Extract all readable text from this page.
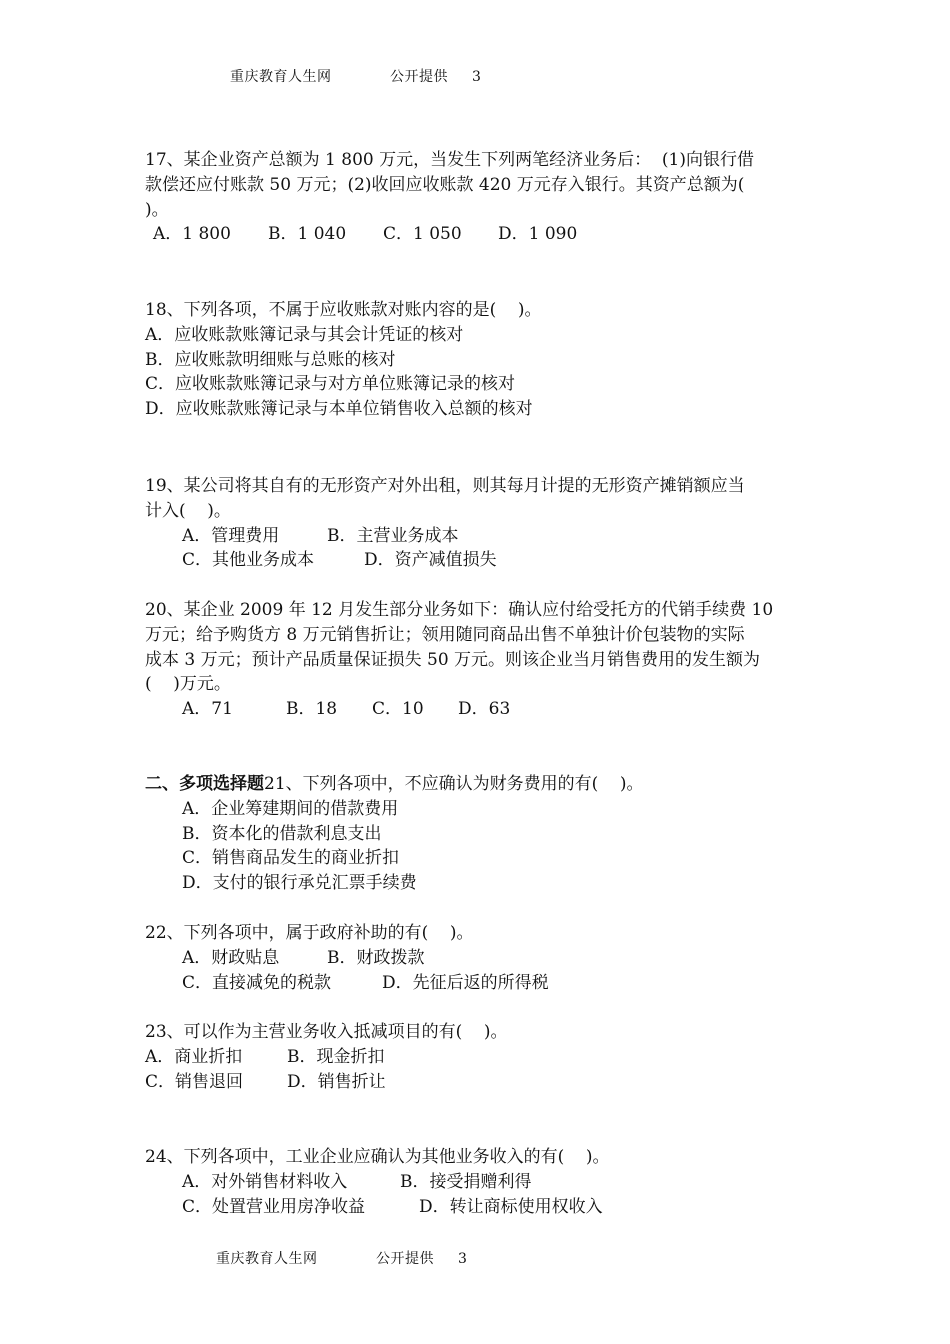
重庆教育人生网	公开提供 3
17、某企业资产总额为 1 800 万元，当发生下列两笔经济业务后：  (1)向银行借
款偿还应付账款 50 万元；(2)收回应收账款 420 万元存入银行。其资产总额为(
)。
A．1 800 B．1 040 C．1 050 D．1 090
18、下列各项，不属于应收账款对账内容的是(    )。
A．应收账款账簿记录与其会计凭证的核对
B．应收账款明细账与总账的核对
C．应收账款账簿记录与对方单位账簿记录的核对
D．应收账款账簿记录与本单位销售收入总额的核对
19、某公司将其自有的无形资产对外出租，则其每月计提的无形资产摊销额应当
计入(    )。
A．管理费用	B．主营业务成本
C．其他业务成本	D．资产减值损失
20、某企业 2009 年 12 月发生部分业务如下：确认应付给受托方的代销手续费 10
万元；给予购货方 8 万元销售折让；领用随同商品出售不单独计价包装物的实际
成本 3 万元；预计产品质量保证损失 50 万元。则该企业当月销售费用的发生额为
(    )万元。
A．71	B．18 C．10 D．63
二、多项选择题21、下列各项中，不应确认为财务费用的有(    )。
A．企业筹建期间的借款费用
B．资本化的借款利息支出
C．销售商品发生的商业折扣
D．支付的银行承兑汇票手续费
22、下列各项中，属于政府补助的有(    )。
A．财政贴息	B．财政拨款
C．直接减免的税款	D．先征后返的所得税
23、可以作为主营业务收入抵减项目的有(    )。
A．商业折扣	B．现金折扣
C．销售退回	D．销售折让
24、下列各项中，工业企业应确认为其他业务收入的有(    )。
A．对外销售材料收入	B．接受捐赠利得
C．处置营业用房净收益	D．转让商标使用权收入
重庆教育人生网	公开提供 3
